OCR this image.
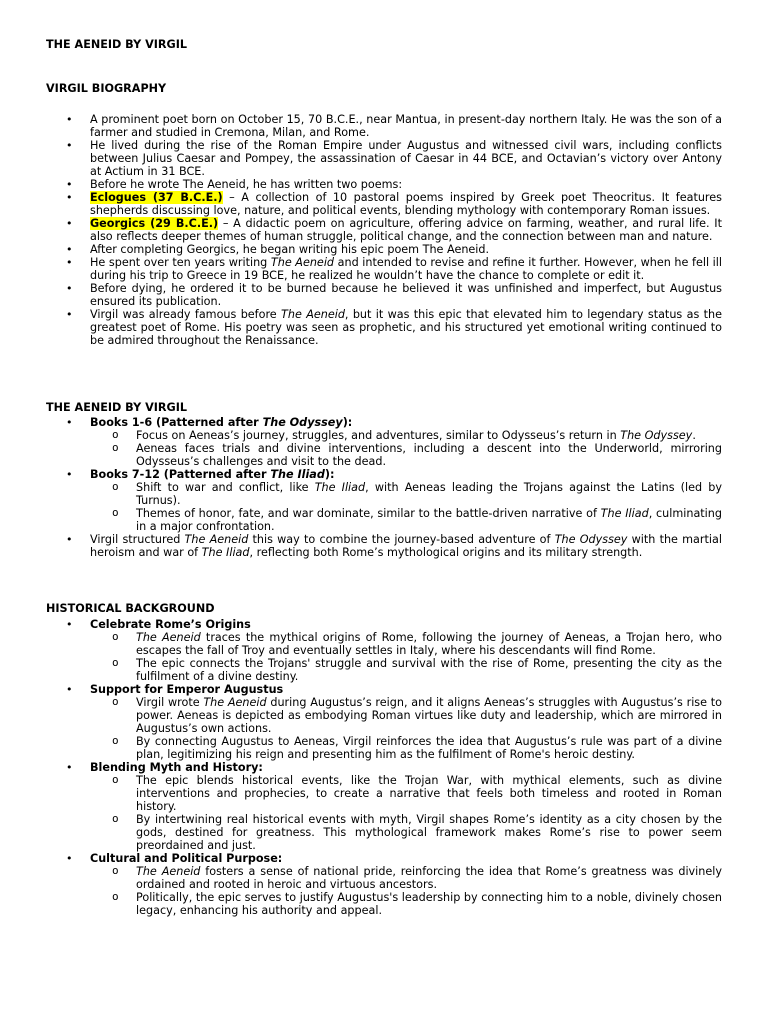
THE AENEID BY VIRGIL
VIRGIL BIOGRAPHY
• A prominent poet born on October 15, 70 B.C.E., near Mantua, in present-day northern Italy. He was the son of a farmer and studied in Cremona, Milan, and Rome.
• He lived during the rise of the Roman Empire under Augustus and witnessed civil wars, including conflicts between Julius Caesar and Pompey, the assassination of Caesar in 44 BCE, and Octavian’s victory over Antony at Actium in 31 BCE.
• Before he wrote The Aeneid, he has written two poems:
• Eclogues (37 B.C.E.) – A collection of 10 pastoral poems inspired by Greek poet Theocritus. It features shepherds discussing love, nature, and political events, blending mythology with contemporary Roman issues.
• Georgics (29 B.C.E.) – A didactic poem on agriculture, offering advice on farming, weather, and rural life. It also reflects deeper themes of human struggle, political change, and the connection between man and nature.
• After completing Georgics, he began writing his epic poem The Aeneid.
• He spent over ten years writing The Aeneid and intended to revise and refine it further. However, when he fell ill during his trip to Greece in 19 BCE, he realized he wouldn’t have the chance to complete or edit it.
• Before dying, he ordered it to be burned because he believed it was unfinished and imperfect, but Augustus ensured its publication.
• Virgil was already famous before The Aeneid, but it was this epic that elevated him to legendary status as the greatest poet of Rome. His poetry was seen as prophetic, and his structured yet emotional writing continued to be admired throughout the Renaissance.
THE AENEID BY VIRGIL
• Books 1-6 (Patterned after The Odyssey):
o Focus on Aeneas’s journey, struggles, and adventures, similar to Odysseus’s return in The Odyssey.
o Aeneas faces trials and divine interventions, including a descent into the Underworld, mirroring Odysseus’s challenges and visit to the dead.
• Books 7-12 (Patterned after The Iliad):
o Shift to war and conflict, like The Iliad, with Aeneas leading the Trojans against the Latins (led by Turnus).
o Themes of honor, fate, and war dominate, similar to the battle-driven narrative of The Iliad, culminating in a major confrontation.
• Virgil structured The Aeneid this way to combine the journey-based adventure of The Odyssey with the martial heroism and war of The Iliad, reflecting both Rome’s mythological origins and its military strength.
HISTORICAL BACKGROUND
• Celebrate Rome’s Origins
o The Aeneid traces the mythical origins of Rome, following the journey of Aeneas, a Trojan hero, who escapes the fall of Troy and eventually settles in Italy, where his descendants will find Rome.
o The epic connects the Trojans' struggle and survival with the rise of Rome, presenting the city as the fulfilment of a divine destiny.
• Support for Emperor Augustus
o Virgil wrote The Aeneid during Augustus’s reign, and it aligns Aeneas’s struggles with Augustus’s rise to power. Aeneas is depicted as embodying Roman virtues like duty and leadership, which are mirrored in Augustus’s own actions.
o By connecting Augustus to Aeneas, Virgil reinforces the idea that Augustus’s rule was part of a divine plan, legitimizing his reign and presenting him as the fulfilment of Rome's heroic destiny.
• Blending Myth and History:
o The epic blends historical events, like the Trojan War, with mythical elements, such as divine interventions and prophecies, to create a narrative that feels both timeless and rooted in Roman history.
o By intertwining real historical events with myth, Virgil shapes Rome’s identity as a city chosen by the gods, destined for greatness. This mythological framework makes Rome’s rise to power seem preordained and just.
• Cultural and Political Purpose:
o The Aeneid fosters a sense of national pride, reinforcing the idea that Rome’s greatness was divinely ordained and rooted in heroic and virtuous ancestors.
o Politically, the epic serves to justify Augustus's leadership by connecting him to a noble, divinely chosen legacy, enhancing his authority and appeal.
